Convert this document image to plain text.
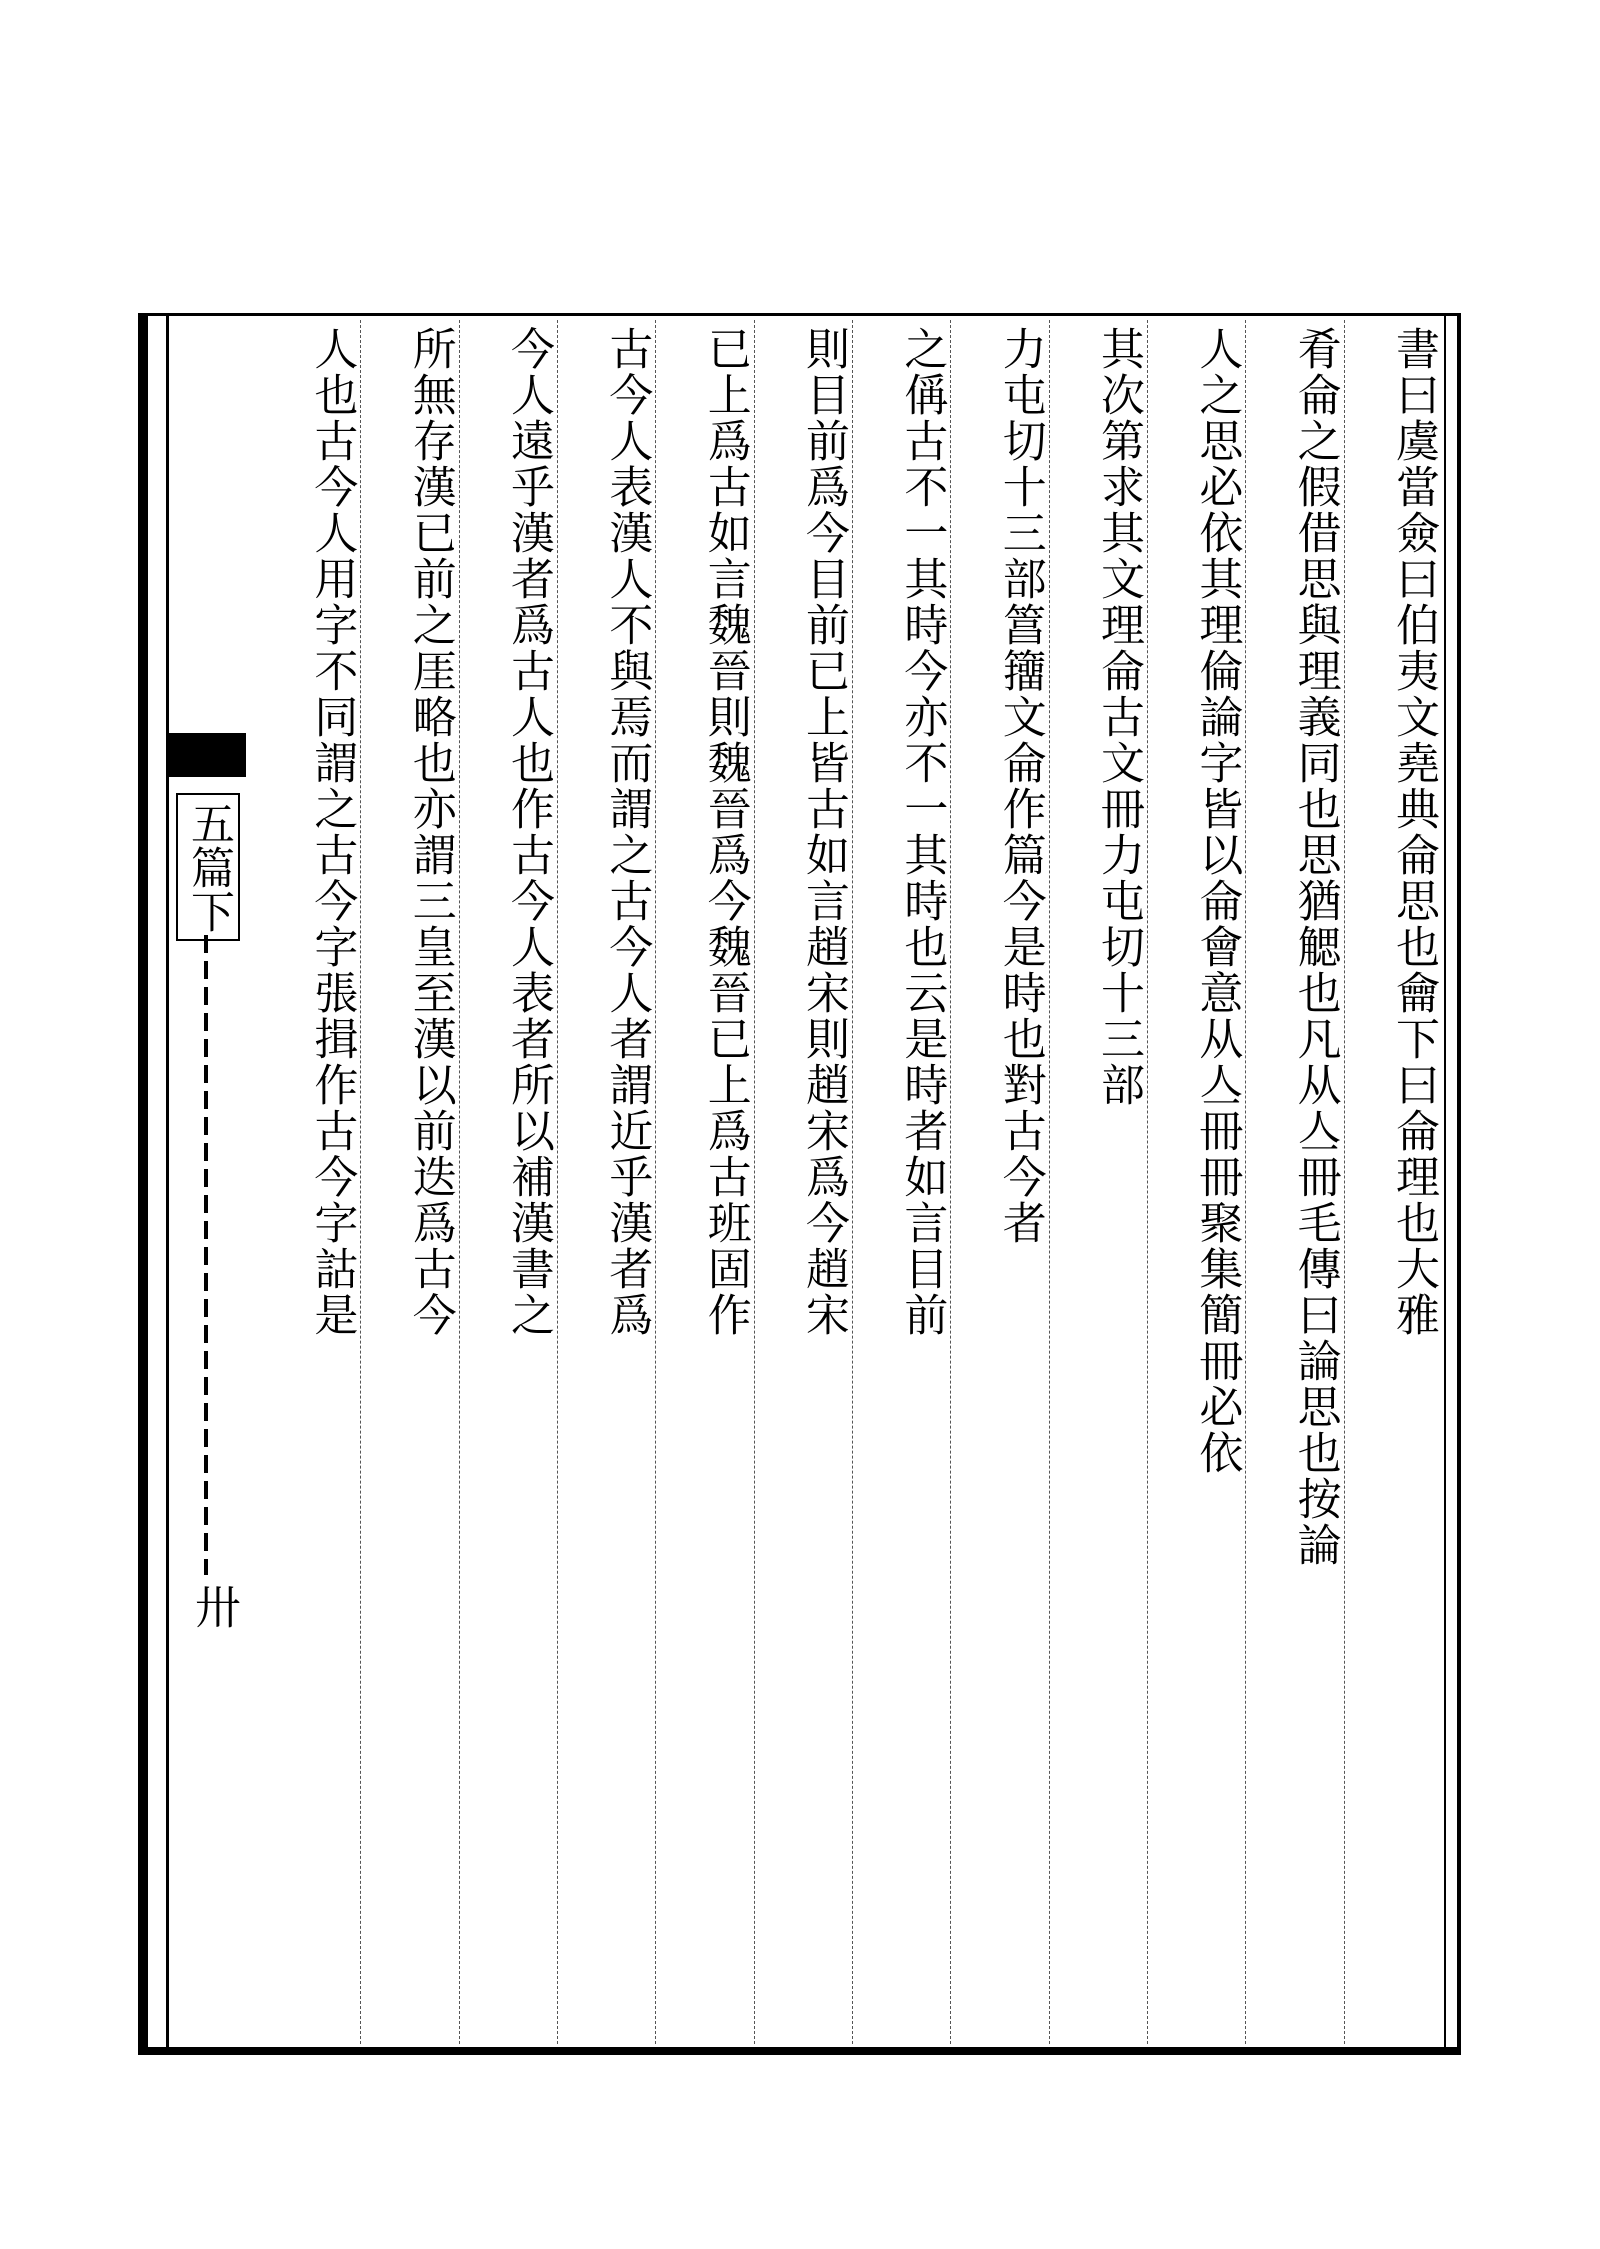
五篇下
卅
書曰虞當僉曰伯夷文堯典侖思也龠下曰侖理也大雅
肴侖之假借思與理義同也思猶䚡也凡从亼冊毛傳曰論思也按論
人之思必依其理倫論字皆以侖會意从亼冊冊聚集簡冊必依
其次第求其文理侖古文冊力屯切十三部
力屯切十三部䈞籒文侖作篇今是時也對古今者
之偁古不一其時今亦不一其時也云是時者如言目前
則目前爲今目前已上皆古如言趙宋則趙宋爲今趙宋
已上爲古如言魏晉則魏晉爲今魏晉已上爲古班固作
古今人表漢人不與焉而謂之古今人者謂近乎漢者爲
今人遠乎漢者爲古人也作古今人表者所以補漢書之
所無存漢已前之厓略也亦謂三皇至漢以前迭爲古今
人也古今人用字不同謂之古今字張揖作古今字詁是
